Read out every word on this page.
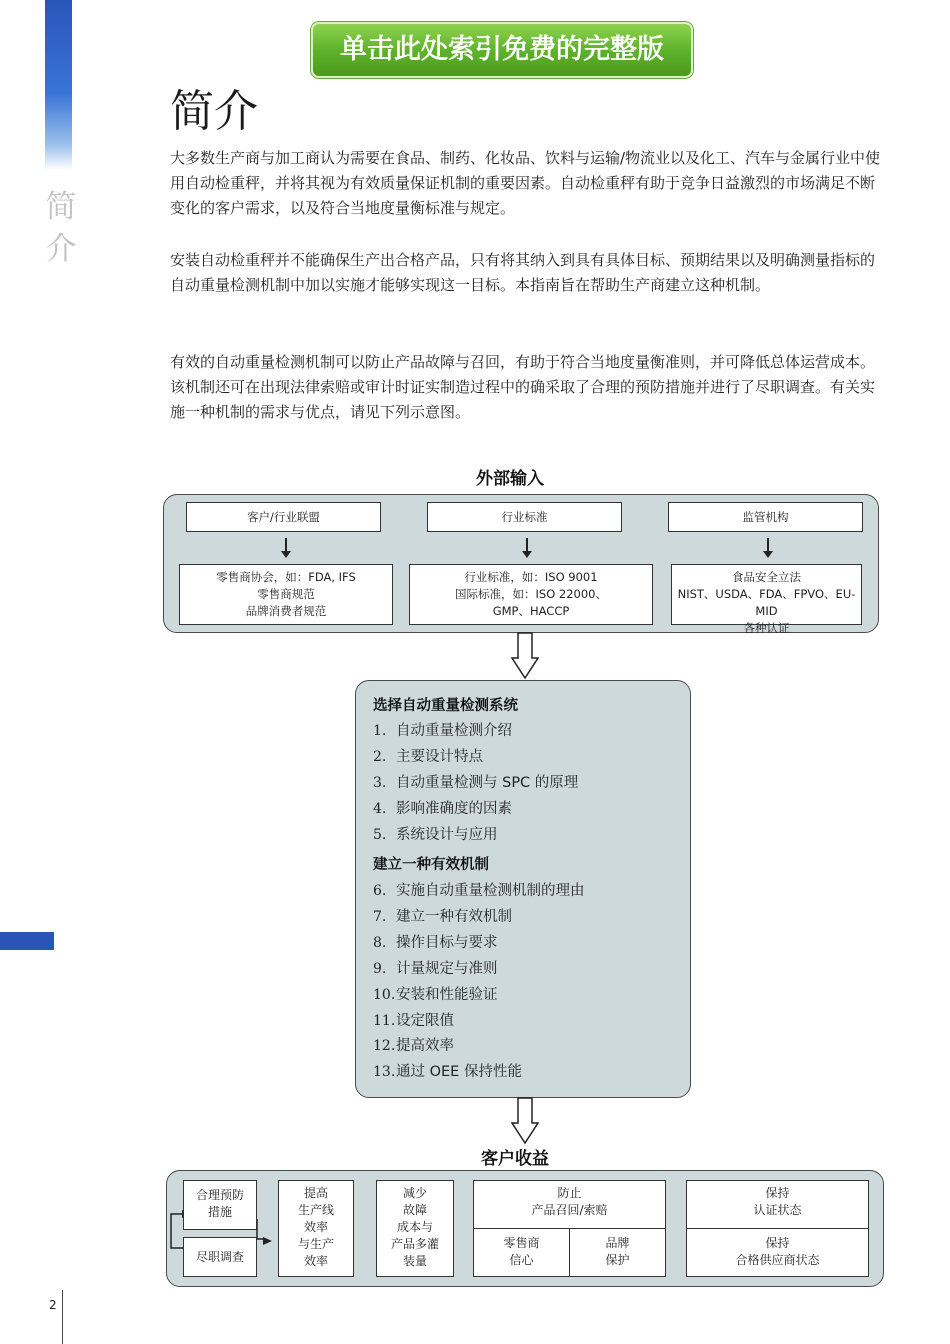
简
介
单击此处索引免费的完整版
简介
大多数生产商与加工商认为需要在食品、制药、化妆品、饮料与运输/物流业以及化工、汽车与金属行业中使用自动检重秤，并将其视为有效质量保证机制的重要因素。自动检重秤有助于竞争日益激烈的市场满足不断变化的客户需求，以及符合当地度量衡标准与规定。
安装自动检重秤并不能确保生产出合格产品，只有将其纳入到具有具体目标、预期结果以及明确测量指标的自动重量检测机制中加以实施才能够实现这一目标。本指南旨在帮助生产商建立这种机制。
有效的自动重量检测机制可以防止产品故障与召回，有助于符合当地度量衡准则，并可降低总体运营成本。该机制还可在出现法律索赔或审计时证实制造过程中的确采取了合理的预防措施并进行了尽职调查。有关实施一种机制的需求与优点，请见下列示意图。
外部输入
客户/行业联盟	行业标准	监管机构
零售商协会，如：FDA, IFS
零售商规范
品牌消费者规范
行业标准，如：ISO 9001
国际标准，如：ISO 22000、
GMP、HACCP
食品安全立法
NIST、USDA、FDA、FPVO、EU-MID
各种认证
选择自动重量检测系统
1. 自动重量检测介绍
2. 主要设计特点
3. 自动重量检测与 SPC 的原理
4. 影响准确度的因素
5. 系统设计与应用
建立一种有效机制
6. 实施自动重量检测机制的理由
7. 建立一种有效机制
8. 操作目标与要求
9. 计量规定与准则
10.安装和性能验证
11.设定限值
12.提高效率
13.通过 OEE 保持性能
客户收益
合理预防
措施
尽职调查
提高
生产线
效率
与生产
效率
减少
故障
成本与
产品多灌
装量
防止
产品召回/索赔
零售商
信心
品牌
保护
保持
认证状态
保持
合格供应商状态
2
